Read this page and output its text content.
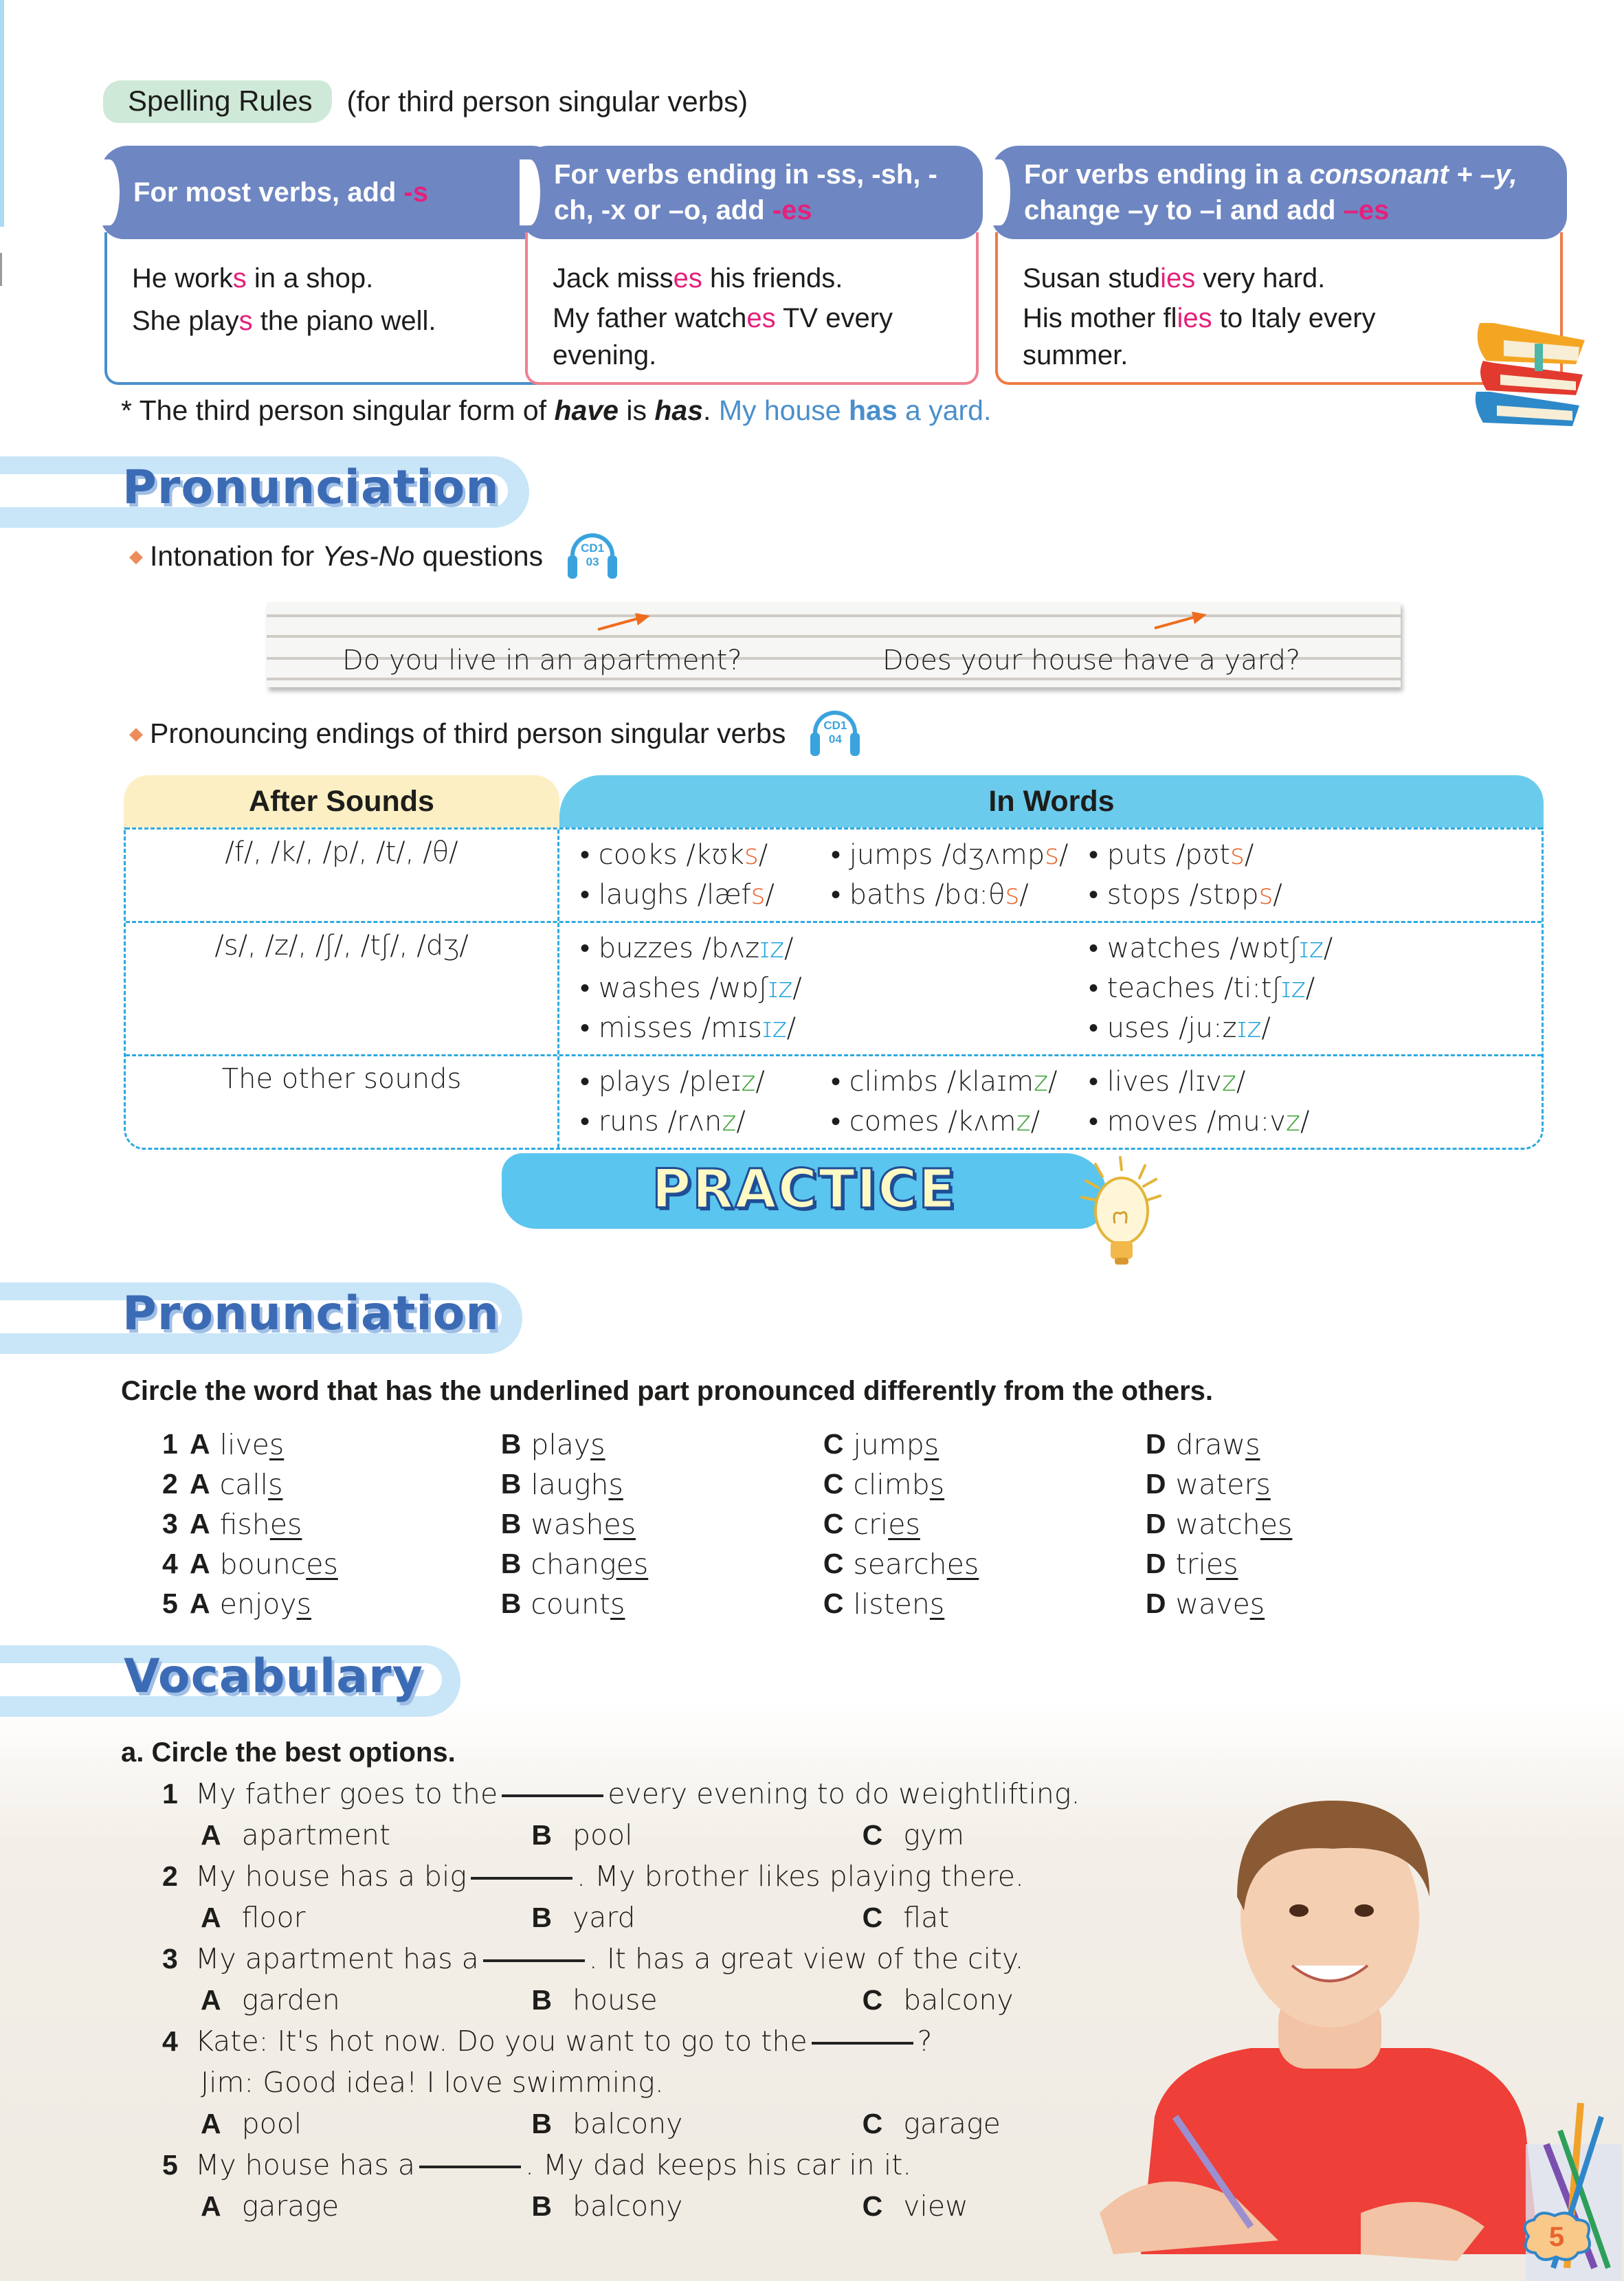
Spelling Rules	(for third person singular verbs)
For most verbs, add -s
He works in a shop.
She plays the piano well.
For verbs ending in -ss, -sh, -ch, -x or –o, add -es
Jack misses his friends.
My father watches TV every evening.
For verbs ending in a consonant + –y, change –y to –i and add –es
Susan studies very hard.
His mother flies to Italy every summer.
* The third person singular form of have is has. My house has a yard.
Pronunciation
◆ Intonation for Yes-No questions	CD1
03
Do you live in an apartment?	Does your house have a yard?
◆ Pronouncing endings of third person singular verbs	CD1
04
After Sounds	In Words
/f/, /k/, /p/, /t/, /θ/	• cooks /kʊks/
• laughs /læfs/
• jumps /dʒʌmps/
• baths /bɑ:θs/
• puts /pʊts/
• stops /stɒps/
/s/, /z/, /ʃ/, /tʃ/, /dʒ/	• buzzes /bʌzɪz/
• washes /wɒʃɪz/
• misses /mɪsɪz/
• watches /wɒtʃɪz/
• teaches /ti:tʃɪz/
• uses /ju:zɪz/
The other sounds	• plays /pleɪz/
• runs /rʌnz/
• climbs /klaɪmz/
• comes /kʌmz/
• lives /lɪvz/
• moves /mu:vz/
PRACTICE
Pronunciation
Circle the word that has the underlined part pronounced differently from the others.
1 A lives	B plays	C jumps	D draws
2 A calls	B laughs	C climbs	D waters
3 A fishes	B washes	C cries	D watches
4 A bounces	B changes	C searches	D tries
5 A enjoys	B counts	C listens	D waves
Vocabulary
a. Circle the best options.
1 My father goes to the	every evening to do weightlifting.
A apartment	B pool	C gym
2 My house has a big	. My brother likes playing there.
A floor	B yard	C flat
3 My apartment has a	. It has a great view of the city.
A garden	B house	C balcony
4 Kate: It's hot now. Do you want to go to the	?
Jim: Good idea! I love swimming.
A pool	B balcony	C garage
5 My house has a	. My dad keeps his car in it.
A garage	B balcony	C view
5
